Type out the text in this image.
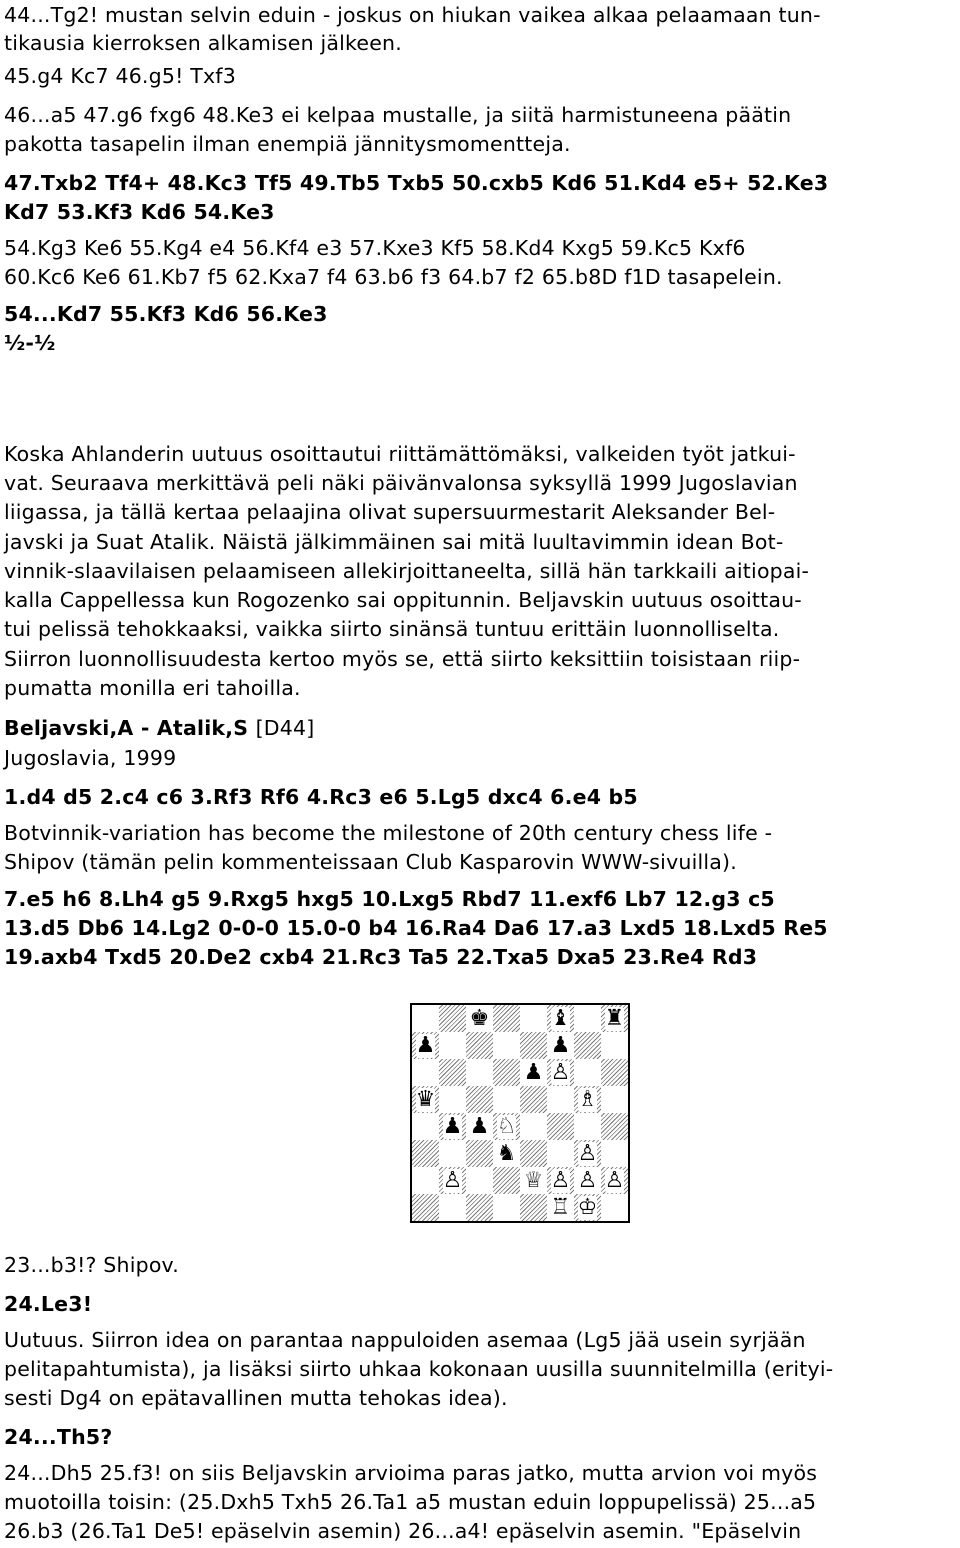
44...Tg2! mustan selvin eduin - joskus on hiukan vaikea alkaa pelaamaan tun-
tikausia kierroksen alkamisen jälkeen.
45.g4 Kc7 46.g5! Txf3
46...a5 47.g6 fxg6 48.Ke3 ei kelpaa mustalle, ja siitä harmistuneena päätin
pakotta tasapelin ilman enempiä jännitysmomentteja.
47.Txb2 Tf4+ 48.Kc3 Tf5 49.Tb5 Txb5 50.cxb5 Kd6 51.Kd4 e5+ 52.Ke3
Kd7 53.Kf3 Kd6 54.Ke3
54.Kg3 Ke6 55.Kg4 e4 56.Kf4 e3 57.Kxe3 Kf5 58.Kd4 Kxg5 59.Kc5 Kxf6
60.Kc6 Ke6 61.Kb7 f5 62.Kxa7 f4 63.b6 f3 64.b7 f2 65.b8D f1D tasapelein.
54...Kd7 55.Kf3 Kd6 56.Ke3
½-½
Koska Ahlanderin uutuus osoittautui riittämättömäksi, valkeiden työt jatkui-
vat. Seuraava merkittävä peli näki päivänvalonsa syksyllä 1999 Jugoslavian
liigassa, ja tällä kertaa pelaajina olivat supersuurmestarit Aleksander Bel-
javski ja Suat Atalik. Näistä jälkimmäinen sai mitä luultavimmin idean Bot-
vinnik-slaavilaisen pelaamiseen allekirjoittaneelta, sillä hän tarkkaili aitiopai-
kalla Cappellessa kun Rogozenko sai oppitunnin. Beljavskin uutuus osoittau-
tui pelissä tehokkaaksi, vaikka siirto sinänsä tuntuu erittäin luonnolliselta.
Siirron luonnollisuudesta kertoo myös se, että siirto keksittiin toisistaan riip-
pumatta monilla eri tahoilla.
Beljavski,A - Atalik,S [D44]
Jugoslavia, 1999
1.d4 d5 2.c4 c6 3.Rf3 Rf6 4.Rc3 e6 5.Lg5 dxc4 6.e4 b5
Botvinnik-variation has become the milestone of 20th century chess life -
Shipov (tämän pelin kommenteissaan Club Kasparovin WWW-sivuilla).
7.e5 h6 8.Lh4 g5 9.Rxg5 hxg5 10.Lxg5 Rbd7 11.exf6 Lb7 12.g3 c5
13.d5 Db6 14.Lg2 0-0-0 15.0-0 b4 16.Ra4 Da6 17.a3 Lxd5 18.Lxd5 Re5
19.axb4 Txd5 20.De2 cxb4 21.Rc3 Ta5 22.Txa5 Dxa5 23.Re4 Rd3
23...b3!? Shipov.
24.Le3!
Uutuus. Siirron idea on parantaa nappuloiden asemaa (Lg5 jää usein syrjään
pelitapahtumista), ja lisäksi siirto uhkaa kokonaan uusilla suunnitelmilla (erityi-
sesti Dg4 on epätavallinen mutta tehokas idea).
24...Th5?
24...Dh5 25.f3! on siis Beljavskin arvioima paras jatko, mutta arvion voi myös
muotoilla toisin: (25.Dxh5 Txh5 26.Ta1 a5 mustan eduin loppupelissä) 25...a5
26.b3 (26.Ta1 De5! epäselvin asemin) 26...a4! epäselvin asemin. "Epäselvin
♚	♝ ♜
♟	♟
♟ ♙
♛	♗
♟ ♟ ♘
♞	♙
♙	♕ ♙ ♙ ♙
♖ ♔
